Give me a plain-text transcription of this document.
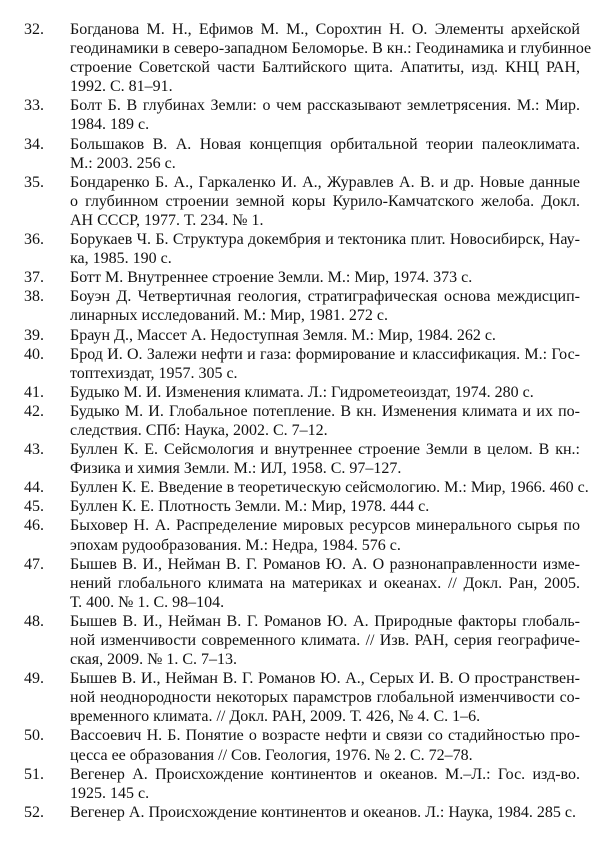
32.	Богданова М. Н., Ефимов М. М., Сорохтин Н. О. Элементы архейской
геодинамики в северо-западном Беломорье. В кн.: Геодинамика и глубинное
строение Советской части Балтийского щита. Апатиты, изд. КНЦ РАН,
1992. С. 81–91.
33.	Болт Б. В глубинах Земли: о чем рассказывают землетрясения. М.: Мир.
1984. 189 с.
34.	Большаков В. А. Новая концепция орбитальной теории палеоклимата.
М.: 2003. 256 с.
35.	Бондаренко Б. А., Гаркаленко И. А., Журавлев А. В. и др. Новые данные
о глубинном строении земной коры Курило-Камчатского желоба. Докл.
АН СССР, 1977. Т. 234. № 1.
36.	Борукаев Ч. Б. Структура докембрия и тектоника плит. Новосибирск, Нау-
ка, 1985. 190 с.
37.	Ботт М. Внутреннее строение Земли. М.: Мир, 1974. 373 с.
38.	Боуэн Д. Четвертичная геология, стратиграфическая основа междисцип-
линарных исследований. М.: Мир, 1981. 272 с.
39.	Браун Д., Массет А. Недоступная Земля. М.: Мир, 1984. 262 с.
40.	Брод И. О. Залежи нефти и газа: формирование и классификация. М.: Гос-
топтехиздат, 1957. 305 с.
41.	Будыко М. И. Изменения климата. Л.: Гидрометеоиздат, 1974. 280 с.
42.	Будыко М. И. Глобальное потепление. В кн. Изменения климата и их по-
следствия. СПб: Наука, 2002. С. 7–12.
43.	Буллен К. Е. Сейсмология и внутреннее строение Земли в целом. В кн.:
Физика и химия Земли. М.: ИЛ, 1958. С. 97–127.
44.	Буллен К. Е. Введение в теоретическую сейсмологию. М.: Мир, 1966. 460 с.
45.	Буллен К. Е. Плотность Земли. М.: Мир, 1978. 444 с.
46.	Быховер Н. А. Распределение мировых ресурсов минерального сырья по
эпохам рудообразования. М.: Недра, 1984. 576 с.
47.	Бышев В. И., Нейман В. Г. Романов Ю. А. О разнонаправленности изме-
нений глобального климата на материках и океанах. // Докл. Ран, 2005.
Т. 400. № 1. С. 98–104.
48.	Бышев В. И., Нейман В. Г. Романов Ю. А. Природные факторы глобаль-
ной изменчивости современного климата. // Изв. РАН, серия географиче-
ская, 2009. № 1. С. 7–13.
49.	Бышев В. И., Нейман В. Г. Романов Ю. А., Серых И. В. О пространствен-
ной неоднородности некоторых парамстров глобальной изменчивости со-
временного климата. // Докл. РАН, 2009. Т. 426, № 4. С. 1–6.
50.	Вассоевич Н. Б. Понятие о возрасте нефти и связи со стадийностью про-
цесса ее образования // Сов. Геология, 1976. № 2. С. 72–78.
51.	Вегенер А. Происхождение континентов и океанов. М.–Л.: Гос. изд-во.
1925. 145 с.
52.	Вегенер А. Происхождение континентов и океанов. Л.: Наука, 1984. 285 с.
